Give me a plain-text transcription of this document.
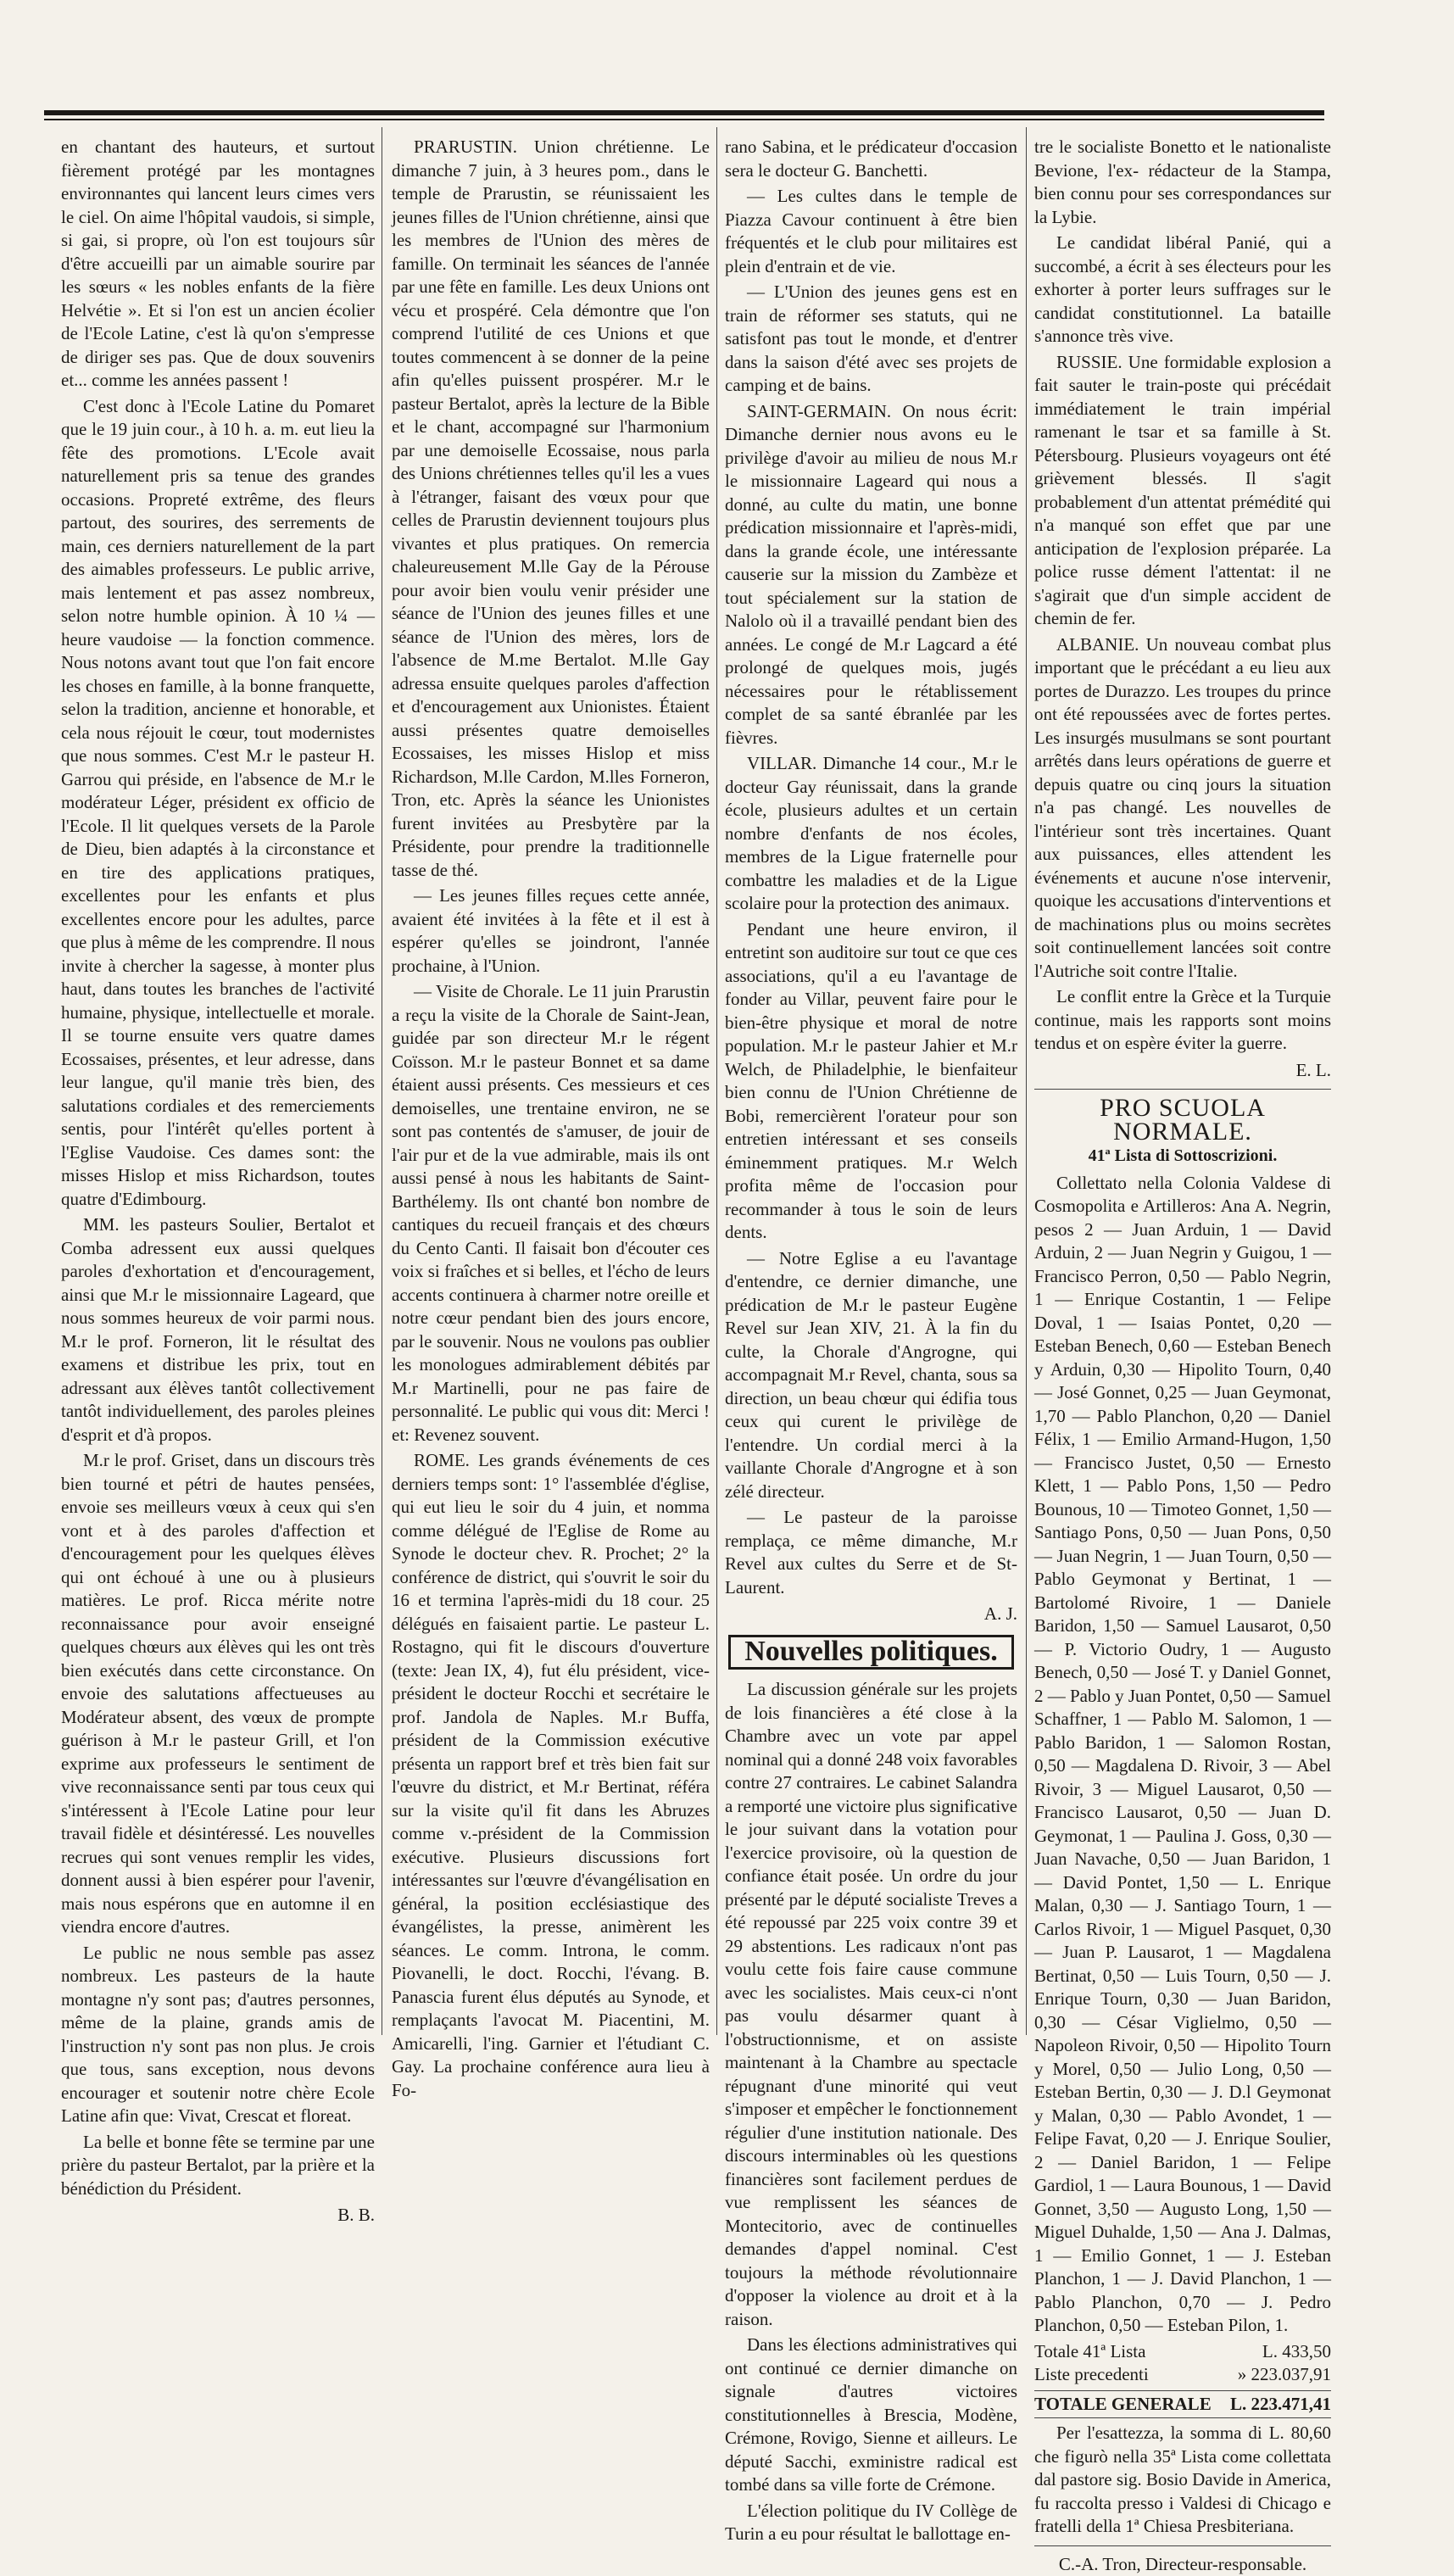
en chantant des hauteurs, et surtout fièrement protégé par les montagnes environnantes qui lancent leurs cimes vers le ciel. On aime l'hôpital vaudois, si simple, si gai, si propre, où l'on est toujours sûr d'être accueilli par un aimable sourire par les sœurs « les nobles enfants de la fière Helvétie ». Et si l'on est un ancien écolier de l'Ecole Latine, c'est là qu'on s'empresse de diriger ses pas. Que de doux souvenirs et... comme les années passent !

C'est donc à l'Ecole Latine du Pomaret que le 19 juin cour., à 10 h. a. m. eut lieu la fête des promotions. L'Ecole avait naturellement pris sa tenue des grandes occasions. Propreté extrême, des fleurs partout, des sourires, des serrements de main, ces derniers naturellement de la part des aimables professeurs. Le public arrive, mais lentement et pas assez nombreux, selon notre humble opinion. À 10 ¼ — heure vaudoise — la fonction commence. Nous notons avant tout que l'on fait encore les choses en famille, à la bonne franquette, selon la tradition, ancienne et honorable, et cela nous réjouit le cœur, tout modernistes que nous sommes. C'est M.r le pasteur H. Garrou qui préside, en l'absence de M.r le modérateur Léger, président ex officio de l'Ecole. Il lit quelques versets de la Parole de Dieu, bien adaptés à la circonstance et en tire des applications pratiques, excellentes pour les enfants et plus excellentes encore pour les adultes, parce que plus à même de les comprendre. Il nous invite à chercher la sagesse, à monter plus haut, dans toutes les branches de l'activité humaine, physique, intellectuelle et morale. Il se tourne ensuite vers quatre dames Ecossaises, présentes, et leur adresse, dans leur langue, qu'il manie très bien, des salutations cordiales et des remerciements sentis, pour l'intérêt qu'elles portent à l'Eglise Vaudoise. Ces dames sont: the misses Hislop et miss Richardson, toutes quatre d'Edimbourg.

MM. les pasteurs Soulier, Bertalot et Comba adressent eux aussi quelques paroles d'exhortation et d'encouragement, ainsi que M.r le missionnaire Lageard, que nous sommes heureux de voir parmi nous. M.r le prof. Forneron, lit le résultat des examens et distribue les prix, tout en adressant aux élèves tantôt collectivement tantôt individuellement, des paroles pleines d'esprit et d'à propos.

M.r le prof. Griset, dans un discours très bien tourné et pétri de hautes pensées, envoie ses meilleurs vœux à ceux qui s'en vont et à des paroles d'affection et d'encouragement pour les quelques élèves qui ont échoué à une ou à plusieurs matières. Le prof. Ricca mérite notre reconnaissance pour avoir enseigné quelques chœurs aux élèves qui les ont très bien exécutés dans cette circonstance. On envoie des salutations affectueuses au Modérateur absent, des vœux de prompte guérison à M.r le pasteur Grill, et l'on exprime aux professeurs le sentiment de vive reconnaissance senti par tous ceux qui s'intéressent à l'Ecole Latine pour leur travail fidèle et désintéressé. Les nouvelles recrues qui sont venues remplir les vides, donnent aussi à bien espérer pour l'avenir, mais nous espérons que en automne il en viendra encore d'autres.

Le public ne nous semble pas assez nombreux. Les pasteurs de la haute montagne n'y sont pas; d'autres personnes, même de la plaine, grands amis de l'instruction n'y sont pas non plus. Je crois que tous, sans exception, nous devons encourager et soutenir notre chère Ecole Latine afin que: Vivat, Crescat et floreat.

La belle et bonne fête se termine par une prière du pasteur Bertalot, par la prière et la bénédiction du Président.

B. B.

PRARUSTIN. Union chrétienne. Le dimanche 7 juin, à 3 heures pom., dans le temple de Prarustin, se réunissaient les jeunes filles de l'Union chrétienne, ainsi que les membres de l'Union des mères de famille. On terminait les séances de l'année par une fête en famille. Les deux Unions ont vécu et prospéré. Cela démontre que l'on comprend l'utilité de ces Unions et que toutes commencent à se donner de la peine afin qu'elles puissent prospérer. M.r le pasteur Bertalot, après la lecture de la Bible et le chant, accompagné sur l'harmonium par une demoiselle Ecossaise, nous parla des Unions chrétiennes telles qu'il les a vues à l'étranger, faisant des vœux pour que celles de Prarustin deviennent toujours plus vivantes et plus pratiques. On remercia chaleureusement M.lle Gay de la Pérouse pour avoir bien voulu venir présider une séance de l'Union des jeunes filles et une séance de l'Union des mères, lors de l'absence de M.me Bertalot. M.lle Gay adressa ensuite quelques paroles d'affection et d'encouragement aux Unionistes. Étaient aussi présentes quatre demoiselles Ecossaises, les misses Hislop et miss Richardson, M.lle Cardon, M.lles Forneron, Tron, etc. Après la séance les Unionistes furent invitées au Presbytère par la Présidente, pour prendre la traditionnelle tasse de thé.

— Les jeunes filles reçues cette année, avaient été invitées à la fête et il est à espérer qu'elles se joindront, l'année prochaine, à l'Union.

— Visite de Chorale. Le 11 juin Prarustin a reçu la visite de la Chorale de Saint-Jean, guidée par son directeur M.r le régent Coïsson. M.r le pasteur Bonnet et sa dame étaient aussi présents. Ces messieurs et ces demoiselles, une trentaine environ, ne se sont pas contentés de s'amuser, de jouir de l'air pur et de la vue admirable, mais ils ont aussi pensé à nous les habitants de Saint-Barthélemy. Ils ont chanté bon nombre de cantiques du recueil français et des chœurs du Cento Canti. Il faisait bon d'écouter ces voix si fraîches et si belles, et l'écho de leurs accents continuera à charmer notre oreille et notre cœur pendant bien des jours encore, par le souvenir. Nous ne voulons pas oublier les monologues admirablement débités par M.r Martinelli, pour ne pas faire de personnalité. Le public qui vous dit: Merci ! et: Revenez souvent.

ROME. Les grands événements de ces derniers temps sont: 1° l'assemblée d'église, qui eut lieu le soir du 4 juin, et nomma comme délégué de l'Eglise de Rome au Synode le docteur chev. R. Prochet; 2° la conférence de district, qui s'ouvrit le soir du 16 et termina l'après-midi du 18 cour. 25 délégués en faisaient partie. Le pasteur L. Rostagno, qui fit le discours d'ouverture (texte: Jean IX, 4), fut élu président, vice-président le docteur Rocchi et secrétaire le prof. Jandola de Naples. M.r Buffa, président de la Commission exécutive présenta un rapport bref et très bien fait sur l'œuvre du district, et M.r Bertinat, référa sur la visite qu'il fit dans les Abruzes comme v.-président de la Commission exécutive. Plusieurs discussions fort intéressantes sur l'œuvre d'évangélisation en général, la position ecclésiastique des évangélistes, la presse, animèrent les séances. Le comm. Introna, le comm. Piovanelli, le doct. Rocchi, l'évang. B. Panascia furent élus députés au Synode, et remplaçants l'avocat M. Piacentini, M. Amicarelli, l'ing. Garnier et l'étudiant C. Gay. La prochaine conférence aura lieu à Fo-

rano Sabina, et le prédicateur d'occasion sera le docteur G. Banchetti.

— Les cultes dans le temple de Piazza Cavour continuent à être bien fréquentés et le club pour militaires est plein d'entrain et de vie.

— L'Union des jeunes gens est en train de réformer ses statuts, qui ne satisfont pas tout le monde, et d'entrer dans la saison d'été avec ses projets de camping et de bains.

SAINT-GERMAIN. On nous écrit: Dimanche dernier nous avons eu le privilège d'avoir au milieu de nous M.r le missionnaire Lageard qui nous a donné, au culte du matin, une bonne prédication missionnaire et l'après-midi, dans la grande école, une intéressante causerie sur la mission du Zambèze et tout spécialement sur la station de Nalolo où il a travaillé pendant bien des années. Le congé de M.r Lagcard a été prolongé de quelques mois, jugés nécessaires pour le rétablissement complet de sa santé ébranlée par les fièvres.

VILLAR. Dimanche 14 cour., M.r le docteur Gay réunissait, dans la grande école, plusieurs adultes et un certain nombre d'enfants de nos écoles, membres de la Ligue fraternelle pour combattre les maladies et de la Ligue scolaire pour la protection des animaux.

Pendant une heure environ, il entretint son auditoire sur tout ce que ces associations, qu'il a eu l'avantage de fonder au Villar, peuvent faire pour le bien-être physique et moral de notre population. M.r le pasteur Jahier et M.r Welch, de Philadelphie, le bienfaiteur bien connu de l'Union Chrétienne de Bobi, remercièrent l'orateur pour son entretien intéressant et ses conseils éminemment pratiques. M.r Welch profita même de l'occasion pour recommander à tous le soin de leurs dents.

— Notre Eglise a eu l'avantage d'entendre, ce dernier dimanche, une prédication de M.r le pasteur Eugène Revel sur Jean XIV, 21. À la fin du culte, la Chorale d'Angrogne, qui accompagnait M.r Revel, chanta, sous sa direction, un beau chœur qui édifia tous ceux qui curent le privilège de l'entendre. Un cordial merci à la vaillante Chorale d'Angrogne et à son zélé directeur.

— Le pasteur de la paroisse remplaça, ce même dimanche, M.r Revel aux cultes du Serre et de St-Laurent.

A. J.
Nouvelles politiques.

La discussion générale sur les projets de lois financières a été close à la Chambre avec un vote par appel nominal qui a donné 248 voix favorables contre 27 contraires. Le cabinet Salandra a remporté une victoire plus significative le jour suivant dans la votation pour l'exercice provisoire, où la question de confiance était posée. Un ordre du jour présenté par le député socialiste Treves a été repoussé par 225 voix contre 39 et 29 abstentions. Les radicaux n'ont pas voulu cette fois faire cause commune avec les socialistes. Mais ceux-ci n'ont pas voulu désarmer quant à l'obstructionnisme, et on assiste maintenant à la Chambre au spectacle répugnant d'une minorité qui veut s'imposer et empêcher le fonctionnement régulier d'une institution nationale. Des discours interminables où les questions financières sont facilement perdues de vue remplissent les séances de Montecitorio, avec de continuelles demandes d'appel nominal. C'est toujours la méthode révolutionnaire d'opposer la violence au droit et à la raison.

Dans les élections administratives qui ont continué ce dernier dimanche on signale d'autres victoires constitutionnelles à Brescia, Modène, Crémone, Rovigo, Sienne et ailleurs. Le député Sacchi, exministre radical est tombé dans sa ville forte de Crémone.

L'élection politique du IV Collège de Turin a eu pour résultat le ballottage en-

tre le socialiste Bonetto et le nationaliste Bevione, l'ex- rédacteur de la Stampa, bien connu pour ses correspondances sur la Lybie.

Le candidat libéral Panié, qui a succombé, a écrit à ses électeurs pour les exhorter à porter leurs suffrages sur le candidat constitutionnel. La bataille s'annonce très vive.

RUSSIE. Une formidable explosion a fait sauter le train-poste qui précédait immédiatement le train impérial ramenant le tsar et sa famille à St. Pétersbourg. Plusieurs voyageurs ont été grièvement blessés. Il s'agit probablement d'un attentat prémédité qui n'a manqué son effet que par une anticipation de l'explosion préparée. La police russe dément l'attentat: il ne s'agirait que d'un simple accident de chemin de fer.

ALBANIE. Un nouveau combat plus important que le précédant a eu lieu aux portes de Durazzo. Les troupes du prince ont été repoussées avec de fortes pertes. Les insurgés musulmans se sont pourtant arrêtés dans leurs opérations de guerre et depuis quatre ou cinq jours la situation n'a pas changé. Les nouvelles de l'intérieur sont très incertaines. Quant aux puissances, elles attendent les événements et aucune n'ose intervenir, quoique les accusations d'interventions et de machinations plus ou moins secrètes soit continuellement lancées soit contre l'Autriche soit contre l'Italie.

Le conflit entre la Grèce et la Turquie continue, mais les rapports sont moins tendus et on espère éviter la guerre.

E. L.
PRO SCUOLA NORMALE.
41ª Lista di Sottoscrizioni.

Collettato nella Colonia Valdese di Cosmopolita e Artilleros: Ana A. Negrin, pesos 2 — Juan Arduin, 1 — David Arduin, 2 — Juan Negrin y Guigou, 1 — Francisco Perron, 0,50 — Pablo Negrin, 1 — Enrique Costantin, 1 — Felipe Doval, 1 — Isaias Pontet, 0,20 — Esteban Benech, 0,60 — Esteban Benech y Arduin, 0,30 — Hipolito Tourn, 0,40 — José Gonnet, 0,25 — Juan Geymonat, 1,70 — Pablo Planchon, 0,20 — Daniel Félix, 1 — Emilio Armand-Hugon, 1,50 — Francisco Justet, 0,50 — Ernesto Klett, 1 — Pablo Pons, 1,50 — Pedro Bounous, 10 — Timoteo Gonnet, 1,50 — Santiago Pons, 0,50 — Juan Pons, 0,50 — Juan Negrin, 1 — Juan Tourn, 0,50 — Pablo Geymonat y Bertinat, 1 — Bartolomé Rivoire, 1 — Daniele Baridon, 1,50 — Samuel Lausarot, 0,50 — P. Victorio Oudry, 1 — Augusto Benech, 0,50 — José T. y Daniel Gonnet, 2 — Pablo y Juan Pontet, 0,50 — Samuel Schaffner, 1 — Pablo M. Salomon, 1 — Pablo Baridon, 1 — Salomon Rostan, 0,50 — Magdalena D. Rivoir, 3 — Abel Rivoir, 3 — Miguel Lausarot, 0,50 — Francisco Lausarot, 0,50 — Juan D. Geymonat, 1 — Paulina J. Goss, 0,30 — Juan Navache, 0,50 — Juan Baridon, 1 — David Pontet, 1,50 — L. Enrique Malan, 0,30 — J. Santiago Tourn, 1 — Carlos Rivoir, 1 — Miguel Pasquet, 0,30 — Juan P. Lausarot, 1 — Magdalena Bertinat, 0,50 — Luis Tourn, 0,50 — J. Enrique Tourn, 0,30 — Juan Baridon, 0,30 — César Viglielmo, 0,50 — Napoleon Rivoir, 0,50 — Hipolito Tourn y Morel, 0,50 — Julio Long, 0,50 — Esteban Bertin, 0,30 — J. D.l Geymonat y Malan, 0,30 — Pablo Avondet, 1 — Felipe Favat, 0,20 — J. Enrique Soulier, 2 — Daniel Baridon, 1 — Felipe Gardiol, 1 — Laura Bounous, 1 — David Gonnet, 3,50 — Augusto Long, 1,50 — Miguel Duhalde, 1,50 — Ana J. Dalmas, 1 — Emilio Gonnet, 1 — J. Esteban Planchon, 1 — J. David Planchon, 1 — Pablo Planchon, 0,70 — J. Pedro Planchon, 0,50 — Esteban Pilon, 1.

Totale 41ª Lista	L. 433,50
Liste precedenti	» 223.037,91
TOTALE GENERALE L. 223.471,41

Per l'esattezza, la somma di L. 80,60 che figurò nella 35ª Lista come collettata dal pastore sig. Bosio Davide in America, fu raccolta presso i Valdesi di Chicago e fratelli della 1ª Chiesa Presbiteriana.

C.-A. Tron, Directeur-responsable.
